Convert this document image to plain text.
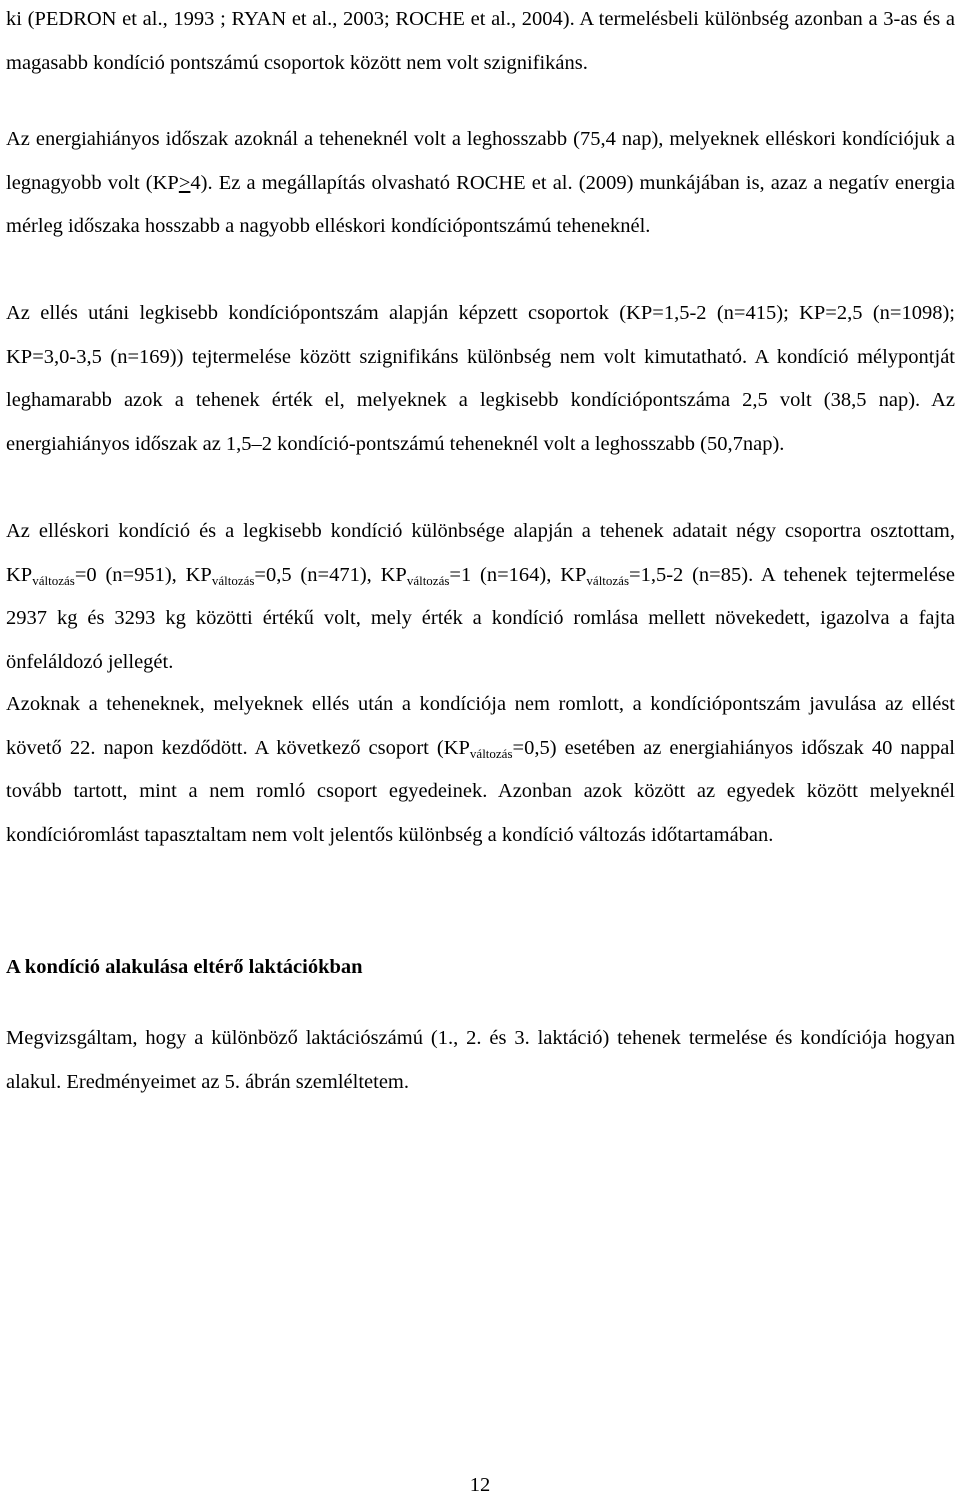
ki (PEDRON et al., 1993 ; RYAN et al., 2003; ROCHE et al., 2004). A termelésbeli különbség azonban a 3-as és a magasabb kondíció pontszámú csoportok között nem volt szignifikáns.

Az energiahiányos időszak azoknál a teheneknél volt a leghosszabb (75,4 nap), melyeknek elléskori kondíciójuk a legnagyobb volt (KP≥4). Ez a megállapítás olvasható ROCHE et al. (2009) munkájában is, azaz a negatív energia mérleg időszaka hosszabb a nagyobb elléskori kondíciópontszámú teheneknél.

Az ellés utáni legkisebb kondíciópontszám alapján képzett csoportok (KP=1,5-2 (n=415); KP=2,5 (n=1098); KP=3,0-3,5 (n=169)) tejtermelése között szignifikáns különbség nem volt kimutatható. A kondíció mélypontját leghamarabb azok a tehenek érték el, melyeknek a legkisebb kondíciópontszáma 2,5 volt (38,5 nap). Az energiahiányos időszak az 1,5–2 kondíció-pontszámú teheneknél volt a leghosszabb (50,7nap).

Az elléskori kondíció és a legkisebb kondíció különbsége alapján a tehenek adatait négy csoportra osztottam, $KP_{változás}=0$ (n=951), $KP_{változás}=0,5$ (n=471), $KP_{változás}=1$ (n=164), $KP_{változás}=1,5-2$ (n=85). A tehenek tejtermelése 2937 kg és 3293 kg közötti értékű volt, mely érték a kondíció romlása mellett növekedett, igazolva a fajta önfeláldozó jellegét.

Azoknak a teheneknek, melyeknek ellés után a kondíciója nem romlott, a kondíciópontszám javulása az ellést követő 22. napon kezdődött. A következő csoport $(KP_{változás}=0,5)$ esetében az energiahiányos időszak 40 nappal tovább tartott, mint a nem romló csoport egyedeinek. Azonban azok között az egyedek között melyeknél kondícióromlást tapasztaltam nem volt jelentős különbség a kondíció változás időtartamában.

A kondíció alakulása eltérő laktációkban

Megvizsgáltam, hogy a különböző laktációszámú (1., 2. és 3. laktáció) tehenek termelése és kondíciója hogyan alakul. Eredményeimet az 5. ábrán szemléltetem.

12
